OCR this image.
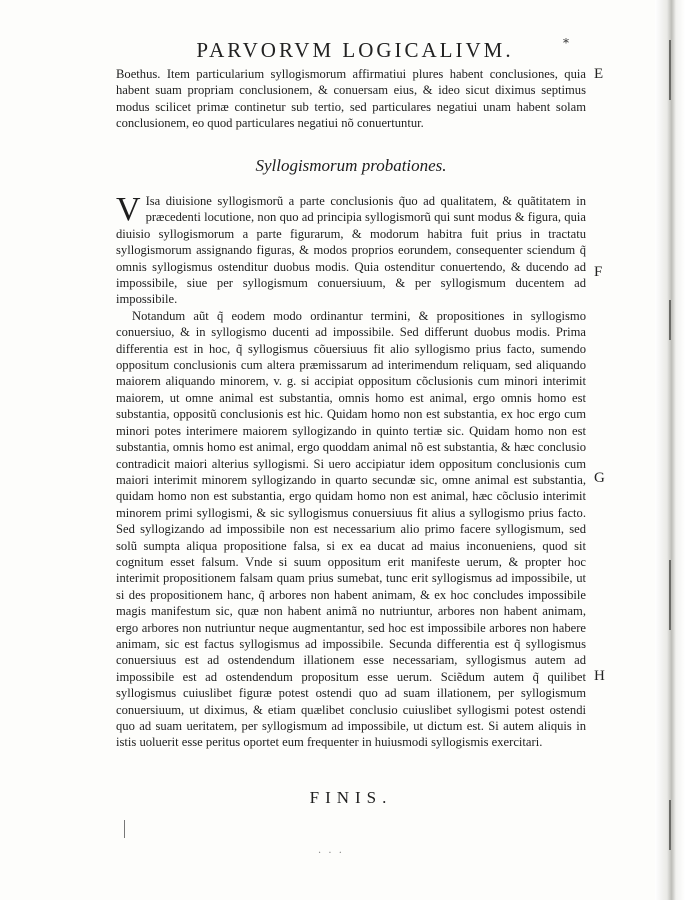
PARVORVM LOGICALIVM.	*

Boethus. Item particularium syllogismorum affirmatiui plures habent conclusiones, quia habent suam propriam conclusionem, & conuersam eius, & ideo sicut diximus septimus modus scilicet primæ continetur sub tertio, sed particulares negatiui unam habent solam conclusionem, eo quod particulares negatiui nõ conuertuntur.

Syllogismorum probationes.

V Isa diuisione syllogismorũ a parte conclusionis q̃uo ad qualitatem, & quãtitatem in præcedenti locutione, non quo ad principia syllogismorũ qui sunt modus & figura, quia diuisio syllogismorum a parte figurarum, & modorum habitra fuit prius in tractatu syllogismorum assignando figuras, & modos proprios eorundem, consequenter sciendum q̃ omnis syllogismus ostenditur duobus modis. Quia ostenditur conuertendo, & ducendo ad impossibile, siue per syllogismum conuersiuum, & per syllogismum ducentem ad impossibile.

Notandum aũt q̃ eodem modo ordinantur termini, & propositiones in syllogismo conuersiuo, & in syllogismo ducenti ad impossibile. Sed differunt duobus modis. Prima differentia est in hoc, q̃ syllogismus cõuersiuus fit alio syllogismo prius facto, sumendo oppositum conclusionis cum altera præmissarum ad interimendum reliquam, sed aliquando maiorem aliquando minorem, v. g. si accipiat oppositum cõclusionis cum minori interimit maiorem, ut omne animal est substantia, omnis homo est animal, ergo omnis homo est substantia, oppositũ conclusionis est hic. Quidam homo non est substantia, ex hoc ergo cum minori potes interimere maiorem syllogizando in quinto tertiæ sic. Quidam homo non est substantia, omnis homo est animal, ergo quoddam animal nõ est substantia, & hæc conclusio contradicit maiori alterius syllogismi. Si uero accipiatur idem oppositum conclusionis cum maiori interimit minorem syllogizando in quarto secundæ sic, omne animal est substantia, quidam homo non est substantia, ergo quidam homo non est animal, hæc cõclusio interimit minorem primi syllogismi, & sic syllogismus conuersiuus fit alius a syllogismo prius facto. Sed syllogizando ad impossibile non est necessarium alio primo facere syllogismum, sed solũ sumpta aliqua propositione falsa, si ex ea ducat ad maius inconueniens, quod sit cognitum esset falsum. Vnde si suum oppositum erit manifeste uerum, & propter hoc interimit propositionem falsam quam prius sumebat, tunc erit syllogismus ad impossibile, ut si des propositionem hanc, q̃ arbores non habent animam, & ex hoc concludes impossibile magis manifestum sic, quæ non habent animã no nutriuntur, arbores non habent animam, ergo arbores non nutriuntur neque augmentantur, sed hoc est impossibile arbores non habere animam, sic est factus syllogismus ad impossibile. Secunda differentia est q̃ syllogismus conuersiuus est ad ostendendum illationem esse necessariam, syllogismus autem ad impossibile est ad ostendendum propositum esse uerum. Sciẽdum autem q̃ quilibet syllogismus cuiuslibet figuræ potest ostendi quo ad suam illationem, per syllogismum conuersiuum, ut diximus, & etiam quælibet conclusio cuiuslibet syllogismi potest ostendi quo ad suam ueritatem, per syllogismum ad impossibile, ut dictum est. Si autem aliquis in istis uoluerit esse peritus oportet eum frequenter in huiusmodi syllogismis exercitari.

FINIS.
E
F
G
H
· · ·
